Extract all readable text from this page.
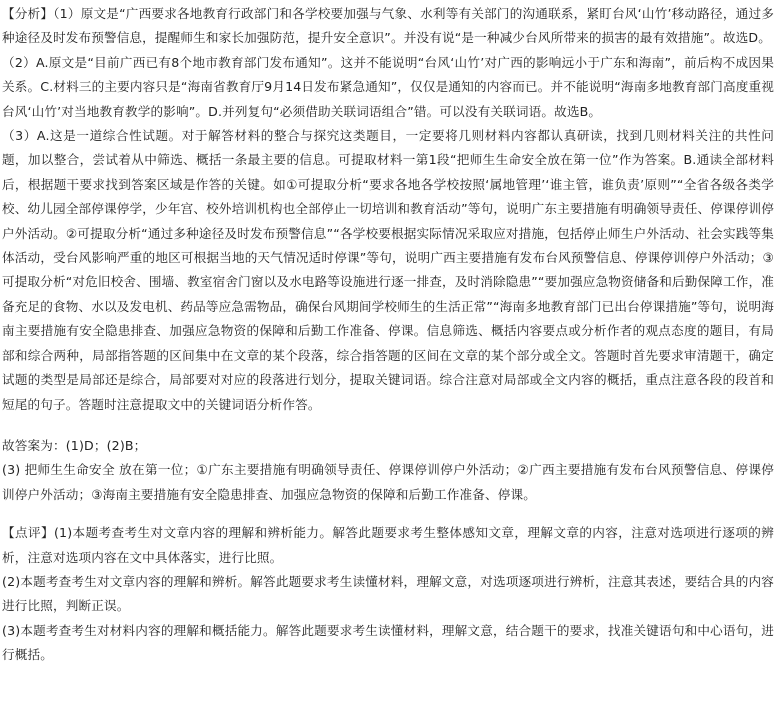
【分析】（1）原文是“广西要求各地教育行政部门和各学校要加强与气象、水利等有关部门的沟通联系，紧盯台风‘山竹’移动路径，通过多种途径及时发布预警信息，提醒师生和家长加强防范，提升安全意识”。并没有说“是一种减少台风所带来的损害的最有效措施”。故选D。

（2）A.原文是“目前广西已有8个地市教育部门发布通知”。这并不能说明“台风‘山竹’对广西的影响远小于广东和海南”，前后构不成因果关系。C.材料三的主要内容只是“海南省教育厅9月14日发布紧急通知”，仅仅是通知的内容而已。并不能说明“海南多地教育部门高度重视台风‘山竹’对当地教育教学的影响”。D.并列复句“必须借助关联词语组合”错。可以没有关联词语。故选B。

（3）A.这是一道综合性试题。对于解答材料的整合与探究这类题目，一定要将几则材料内容都认真研读，找到几则材料关注的共性问题，加以整合，尝试着从中筛选、概括一条最主要的信息。可提取材料一第1段“把师生生命安全放在第一位”作为答案。B.通读全部材料后，根据题干要求找到答案区域是作答的关键。如①可提取分析“要求各地各学校按照‘属地管理’‘谁主管，谁负责’原则”“全省各级各类学校、幼儿园全部停课停学，少年宫、校外培训机构也全部停止一切培训和教育活动”等句，说明广东主要措施有明确领导责任、停课停训停户外活动。②可提取分析“通过多种途径及时发布预警信息”“各学校要根据实际情况采取应对措施，包括停止师生户外活动、社会实践等集体活动，受台风影响严重的地区可根据当地的天气情况适时停课”等句，说明广西主要措施有发布台风预警信息、停课停训停户外活动；③可提取分析“对危旧校舍、围墙、教室宿舍门窗以及水电路等设施进行逐一排查，及时消除隐患”“要加强应急物资储备和后勤保障工作，准备充足的食物、水以及发电机、药品等应急需物品，确保台风期间学校师生的生活正常”“海南多地教育部门已出台停课措施”等句，说明海南主要措施有安全隐患排查、加强应急物资的保障和后勤工作准备、停课。信息筛选、概括内容要点或分析作者的观点态度的题目，有局部和综合两种，局部指答题的区间集中在文章的某个段落，综合指答题的区间在文章的某个部分或全文。答题时首先要求审清题干，确定试题的类型是局部还是综合，局部要对对应的段落进行划分，提取关键词语。综合注意对局部或全文内容的概括，重点注意各段的段首和短尾的句子。答题时注意提取文中的关键词语分析作答。

故答案为：(1)D；(2)B；

(3) 把师生生命安全 放在第一位；①广东主要措施有明确领导责任、停课停训停户外活动；②广西主要措施有发布台风预警信息、停课停训停户外活动；③海南主要措施有安全隐患排查、加强应急物资的保障和后勤工作准备、停课。

【点评】(1)本题考查考生对文章内容的理解和辨析能力。解答此题要求考生整体感知文章，理解文章的内容，注意对选项进行逐项的辨析，注意对选项内容在文中具体落实，进行比照。

(2)本题考查考生对文章内容的理解和辨析。解答此题要求考生读懂材料，理解文意，对选项逐项进行辨析，注意其表述，要结合具的内容进行比照，判断正误。

(3)本题考查考生对材料内容的理解和概括能力。解答此题要求考生读懂材料，理解文意，结合题干的要求，找准关键语句和中心语句，进行概括。
